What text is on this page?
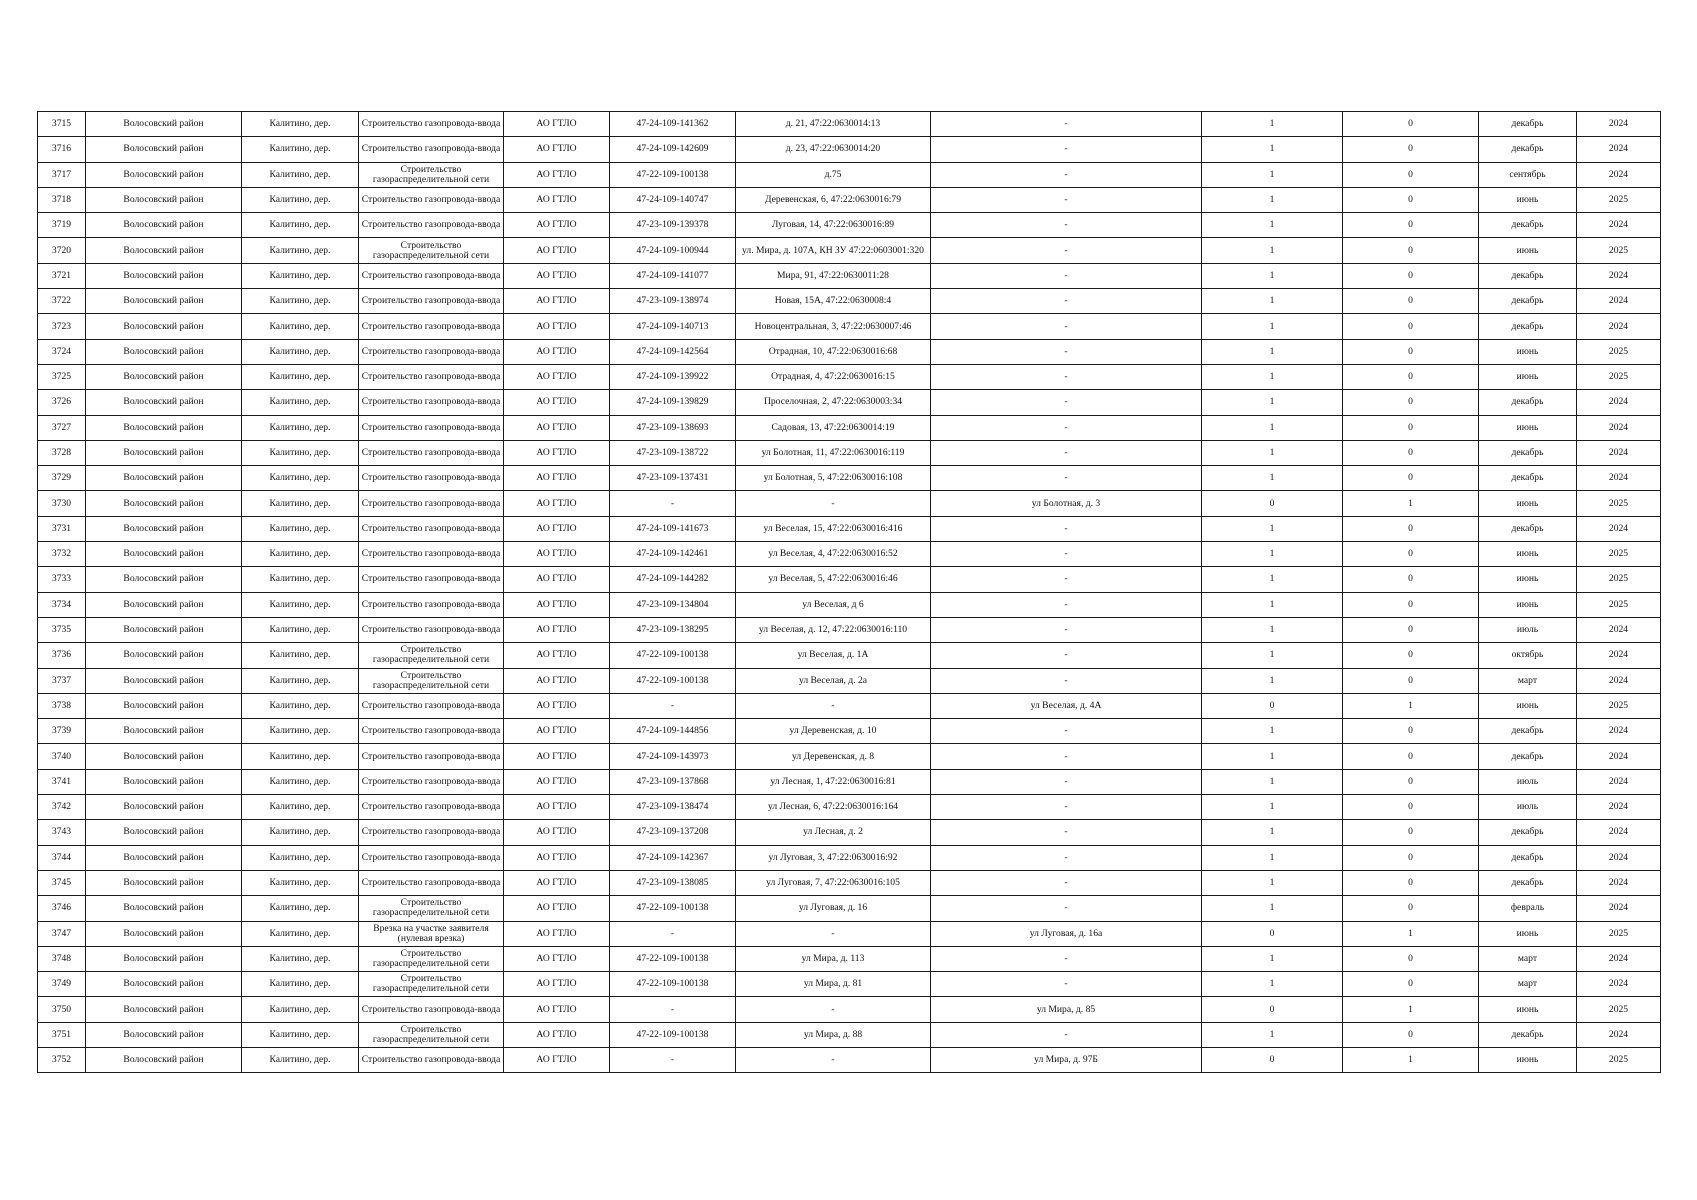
3715	Волосовский район	Калитино, дер.	Строительство газопровода-ввода	АО ГТЛО	47-24-109-141362	д. 21, 47:22:0630014:13	-	1	0	декабрь	2024
3716	Волосовский район	Калитино, дер.	Строительство газопровода-ввода	АО ГТЛО	47-24-109-142609	д. 23, 47:22:0630014:20	-	1	0	декабрь	2024
3717	Волосовский район	Калитино, дер.	Строительство газораспределительной сети	АО ГТЛО	47-22-109-100138	д.75	-	1	0	сентябрь	2024
3718	Волосовский район	Калитино, дер.	Строительство газопровода-ввода	АО ГТЛО	47-24-109-140747	Деревенская, 6, 47:22:0630016:79	-	1	0	июнь	2025
3719	Волосовский район	Калитино, дер.	Строительство газопровода-ввода	АО ГТЛО	47-23-109-139378	Луговая, 14, 47:22:0630016:89	-	1	0	декабрь	2024
3720	Волосовский район	Калитино, дер.	Строительство газораспределительной сети	АО ГТЛО	47-24-109-100944	ул. Мира, д. 107А, КН ЗУ 47:22:0603001:320	-	1	0	июнь	2025
3721	Волосовский район	Калитино, дер.	Строительство газопровода-ввода	АО ГТЛО	47-24-109-141077	Мира, 91, 47:22:0630011:28	-	1	0	декабрь	2024
3722	Волосовский район	Калитино, дер.	Строительство газопровода-ввода	АО ГТЛО	47-23-109-138974	Новая, 15А, 47:22:0630008:4	-	1	0	декабрь	2024
3723	Волосовский район	Калитино, дер.	Строительство газопровода-ввода	АО ГТЛО	47-24-109-140713	Новоцентральная, 3, 47:22:0630007:46	-	1	0	декабрь	2024
3724	Волосовский район	Калитино, дер.	Строительство газопровода-ввода	АО ГТЛО	47-24-109-142564	Отрадная, 10, 47:22:0630016:68	-	1	0	июнь	2025
3725	Волосовский район	Калитино, дер.	Строительство газопровода-ввода	АО ГТЛО	47-24-109-139922	Отрадная, 4, 47:22:0630016:15	-	1	0	июнь	2025
3726	Волосовский район	Калитино, дер.	Строительство газопровода-ввода	АО ГТЛО	47-24-109-139829	Проселочная, 2, 47:22:0630003:34	-	1	0	декабрь	2024
3727	Волосовский район	Калитино, дер.	Строительство газопровода-ввода	АО ГТЛО	47-23-109-138693	Садовая, 13, 47:22:0630014:19	-	1	0	июнь	2024
3728	Волосовский район	Калитино, дер.	Строительство газопровода-ввода	АО ГТЛО	47-23-109-138722	ул Болотная, 11, 47:22:0630016:119	-	1	0	декабрь	2024
3729	Волосовский район	Калитино, дер.	Строительство газопровода-ввода	АО ГТЛО	47-23-109-137431	ул Болотная, 5, 47:22:0630016:108	-	1	0	декабрь	2024
3730	Волосовский район	Калитино, дер.	Строительство газопровода-ввода	АО ГТЛО	-	-	ул Болотная, д. 3	0	1	июнь	2025
3731	Волосовский район	Калитино, дер.	Строительство газопровода-ввода	АО ГТЛО	47-24-109-141673	ул Веселая, 15, 47:22:0630016:416	-	1	0	декабрь	2024
3732	Волосовский район	Калитино, дер.	Строительство газопровода-ввода	АО ГТЛО	47-24-109-142461	ул Веселая, 4, 47:22:0630016:52	-	1	0	июнь	2025
3733	Волосовский район	Калитино, дер.	Строительство газопровода-ввода	АО ГТЛО	47-24-109-144282	ул Веселая, 5, 47:22:0630016:46	-	1	0	июнь	2025
3734	Волосовский район	Калитино, дер.	Строительство газопровода-ввода	АО ГТЛО	47-23-109-134804	ул Веселая, д 6	-	1	0	июнь	2025
3735	Волосовский район	Калитино, дер.	Строительство газопровода-ввода	АО ГТЛО	47-23-109-138295	ул Веселая, д. 12, 47:22:0630016:110	-	1	0	июль	2024
3736	Волосовский район	Калитино, дер.	Строительство газораспределительной сети	АО ГТЛО	47-22-109-100138	ул Веселая, д. 1А	-	1	0	октябрь	2024
3737	Волосовский район	Калитино, дер.	Строительство газораспределительной сети	АО ГТЛО	47-22-109-100138	ул Веселая, д. 2а	-	1	0	март	2024
3738	Волосовский район	Калитино, дер.	Строительство газопровода-ввода	АО ГТЛО	-	-	ул Веселая, д. 4А	0	1	июнь	2025
3739	Волосовский район	Калитино, дер.	Строительство газопровода-ввода	АО ГТЛО	47-24-109-144856	ул Деревенская, д. 10	-	1	0	декабрь	2024
3740	Волосовский район	Калитино, дер.	Строительство газопровода-ввода	АО ГТЛО	47-24-109-143973	ул Деревенская, д. 8	-	1	0	декабрь	2024
3741	Волосовский район	Калитино, дер.	Строительство газопровода-ввода	АО ГТЛО	47-23-109-137868	ул Лесная, 1, 47:22:0630016:81	-	1	0	июль	2024
3742	Волосовский район	Калитино, дер.	Строительство газопровода-ввода	АО ГТЛО	47-23-109-138474	ул Лесная, 6, 47:22:0630016:164	-	1	0	июль	2024
3743	Волосовский район	Калитино, дер.	Строительство газопровода-ввода	АО ГТЛО	47-23-109-137208	ул Лесная, д. 2	-	1	0	декабрь	2024
3744	Волосовский район	Калитино, дер.	Строительство газопровода-ввода	АО ГТЛО	47-24-109-142367	ул Луговая, 3, 47:22:0630016:92	-	1	0	декабрь	2024
3745	Волосовский район	Калитино, дер.	Строительство газопровода-ввода	АО ГТЛО	47-23-109-138085	ул Луговая, 7, 47:22:0630016:105	-	1	0	декабрь	2024
3746	Волосовский район	Калитино, дер.	Строительство газораспределительной сети	АО ГТЛО	47-22-109-100138	ул Луговая, д. 16	-	1	0	февраль	2024
3747	Волосовский район	Калитино, дер.	Врезка на участке заявителя (нулевая врезка)	АО ГТЛО	-	-	ул Луговая, д. 16а	0	1	июнь	2025
3748	Волосовский район	Калитино, дер.	Строительство газораспределительной сети	АО ГТЛО	47-22-109-100138	ул Мира, д. 113	-	1	0	март	2024
3749	Волосовский район	Калитино, дер.	Строительство газораспределительной сети	АО ГТЛО	47-22-109-100138	ул Мира, д. 81	-	1	0	март	2024
3750	Волосовский район	Калитино, дер.	Строительство газопровода-ввода	АО ГТЛО	-	-	ул Мира, д. 85	0	1	июнь	2025
3751	Волосовский район	Калитино, дер.	Строительство газораспределительной сети	АО ГТЛО	47-22-109-100138	ул Мира, д. 88	-	1	0	декабрь	2024
3752	Волосовский район	Калитино, дер.	Строительство газопровода-ввода	АО ГТЛО	-	-	ул Мира, д. 97Б	0	1	июнь	2025
